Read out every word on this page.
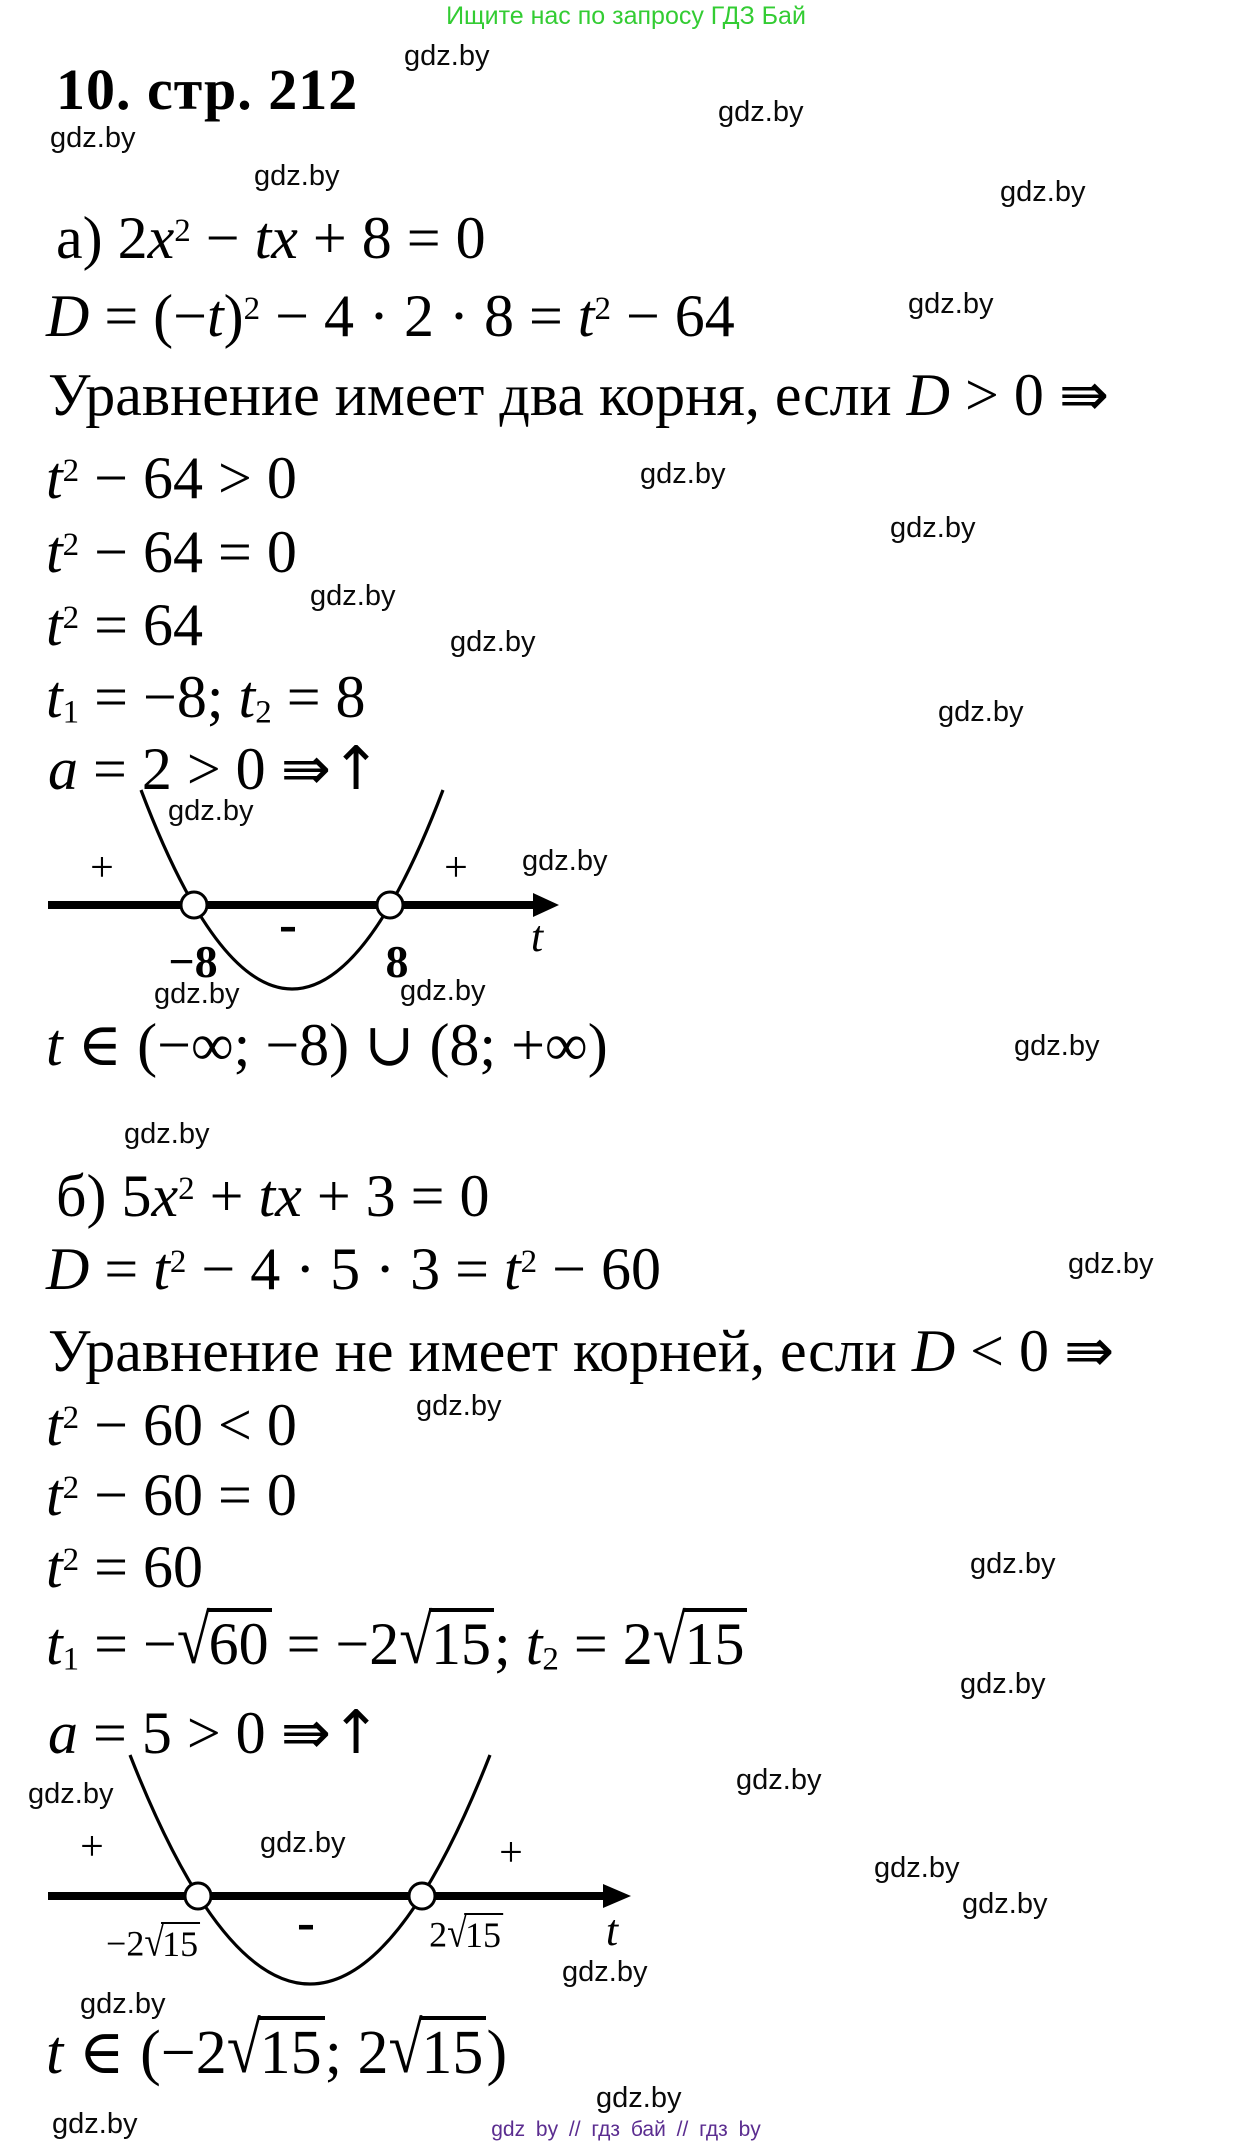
Ищите нас по запросу ГДЗ Бай
10. стр. 212
gdz.by
gdz.by
gdz.by
gdz.by	gdz.by
gdz.by
gdz.by
gdz.by
gdz.by
gdz.by
gdz.by
gdz.by
gdz.by
gdz.by	gdz.by
gdz.by
gdz.by
gdz.by
gdz.by
gdz.by
gdz.by
gdz.by
gdz.by
gdz.by
gdz.by
gdz.by
gdz.by
gdz.by
gdz.by
gdz.by
а) $2x^2$ − tx + 8 = 0
$D = (-t)^2 - 4 \cdot 2 \cdot 8 = t^2 - 64$
Уравнение имеет два корня, если D > 0 ⇛
$t^2 - 64 > 0$
$t^2 - 64 = 0$
$t^2 = 64$
t1 = −8; t2 = 8
a = 2 > 0 ⇛↑
t ∈ (−∞; −8) ∪ (8; +∞)
б) $5x^2$ + tx + 3 = 0
$D = t^2 - 4 \cdot 5 \cdot 3 = t^2 - 60$
Уравнение не имеет корней, если D < 0 ⇛
$t^2 - 60 < 0$
$t^2 - 60 = 0$
$t^2 = 60$
t1 = −√60 = −2√15; t2 = 2√15
a = 5 > 0 ⇛↑
t ∈ (−2√15; 2√15)
+	+
-	t
−8	8
+	+
-	t
−2√15	2√15
gdz by // гдз бай // гдз by
